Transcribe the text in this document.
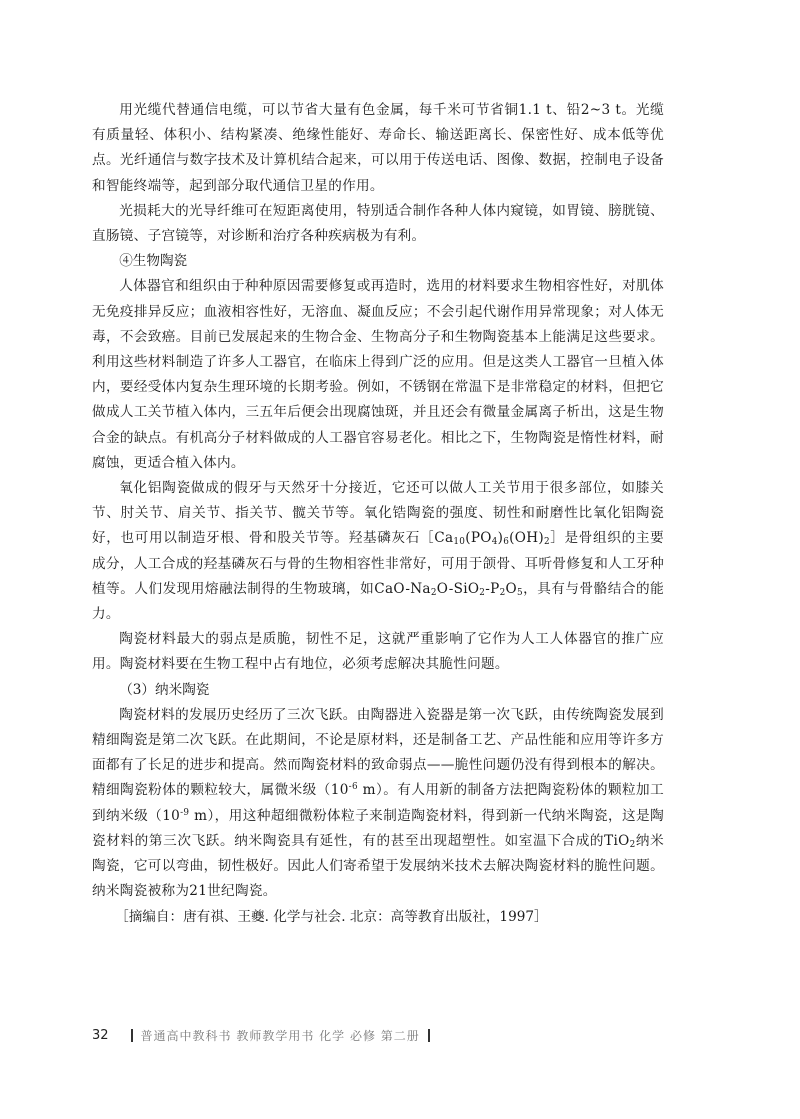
用光缆代替通信电缆，可以节省大量有色金属，每千米可节省铜1.1 t、铅2~3 t。光缆有质量轻、体积小、结构紧凑、绝缘性能好、寿命长、输送距离长、保密性好、成本低等优点。光纤通信与数字技术及计算机结合起来，可以用于传送电话、图像、数据，控制电子设备和智能终端等，起到部分取代通信卫星的作用。

光损耗大的光导纤维可在短距离使用，特别适合制作各种人体内窥镜，如胃镜、膀胱镜、直肠镜、子宫镜等，对诊断和治疗各种疾病极为有利。

④生物陶瓷

人体器官和组织由于种种原因需要修复或再造时，选用的材料要求生物相容性好，对肌体无免疫排异反应；血液相容性好，无溶血、凝血反应；不会引起代谢作用异常现象；对人体无毒，不会致癌。目前已发展起来的生物合金、生物高分子和生物陶瓷基本上能满足这些要求。利用这些材料制造了许多人工器官，在临床上得到广泛的应用。但是这类人工器官一旦植入体内，要经受体内复杂生理环境的长期考验。例如，不锈钢在常温下是非常稳定的材料，但把它做成人工关节植入体内，三五年后便会出现腐蚀斑，并且还会有微量金属离子析出，这是生物合金的缺点。有机高分子材料做成的人工器官容易老化。相比之下，生物陶瓷是惰性材料，耐腐蚀，更适合植入体内。

氧化铝陶瓷做成的假牙与天然牙十分接近，它还可以做人工关节用于很多部位，如膝关节、肘关节、肩关节、指关节、髋关节等。氧化锆陶瓷的强度、韧性和耐磨性比氧化铝陶瓷好，也可用以制造牙根、骨和股关节等。羟基磷灰石$[Ca_{10}(PO_4)_6(OH)_2]$是骨组织的主要成分，人工合成的羟基磷灰石与骨的生物相容性非常好，可用于颌骨、耳听骨修复和人工牙种植等。人们发现用熔融法制得的生物玻璃，如CaO-$Na_2O-SiO_2-P_2O_5$，具有与骨骼结合的能力。

陶瓷材料最大的弱点是质脆，韧性不足，这就严重影响了它作为人工人体器官的推广应用。陶瓷材料要在生物工程中占有地位，必须考虑解决其脆性问题。

（3）纳米陶瓷

陶瓷材料的发展历史经历了三次飞跃。由陶器进入瓷器是第一次飞跃，由传统陶瓷发展到精细陶瓷是第二次飞跃。在此期间，不论是原材料，还是制备工艺、产品性能和应用等许多方面都有了长足的进步和提高。然而陶瓷材料的致命弱点——脆性问题仍没有得到根本的解决。精细陶瓷粉体的颗粒较大，属微米级（$10^{-6}$ m）。有人用新的制备方法把陶瓷粉体的颗粒加工到纳米级（$10^{-9}$ m），用这种超细微粉体粒子来制造陶瓷材料，得到新一代纳米陶瓷，这是陶瓷材料的第三次飞跃。纳米陶瓷具有延性，有的甚至出现超塑性。如室温下合成的TiO$_2$纳米陶瓷，它可以弯曲，韧性极好。因此人们寄希望于发展纳米技术去解决陶瓷材料的脆性问题。纳米陶瓷被称为21世纪陶瓷。

［摘编自：唐有祺、王夔. 化学与社会. 北京：高等教育出版社，1997］

32	普通高中教科书 教师教学用书 化学 必修 第二册
